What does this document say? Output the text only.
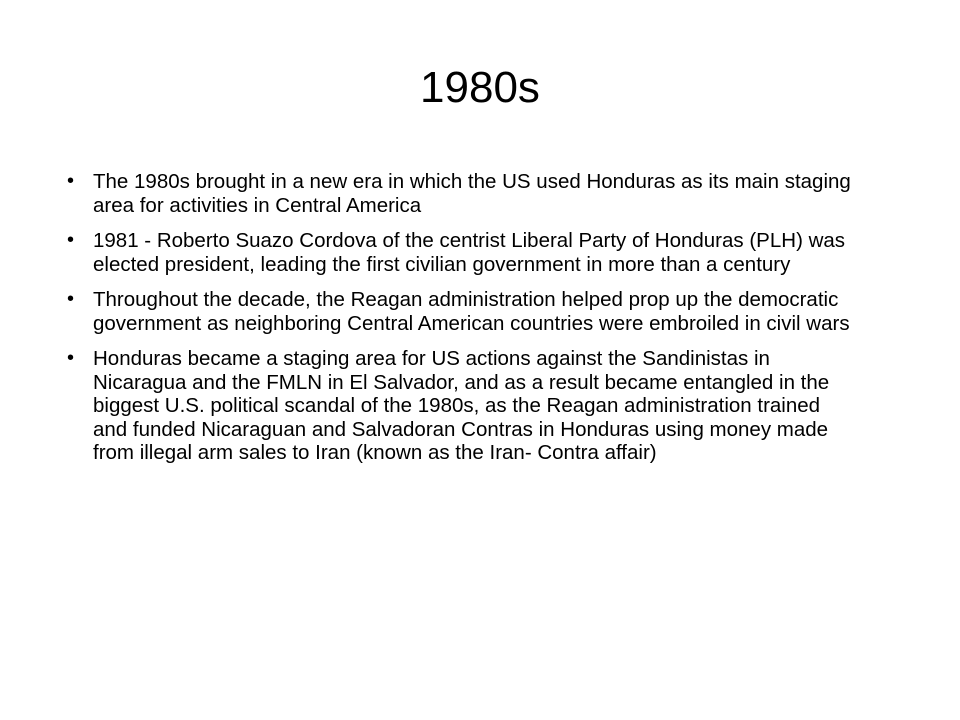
1980s
• The 1980s brought in a new era in which the US used Honduras as its main staging area for activities in Central America
• 1981 - Roberto Suazo Cordova of the centrist Liberal Party of Honduras (PLH) was elected president, leading the first civilian government in more than a century
• Throughout the decade, the Reagan administration helped prop up the democratic government as neighboring Central American countries were embroiled in civil wars
• Honduras became a staging area for US actions against the Sandinistas in Nicaragua and the FMLN in El Salvador, and as a result became entangled in the biggest U.S. political scandal of the 1980s, as the Reagan administration trained and funded Nicaraguan and Salvadoran Contras in Honduras using money made from illegal arm sales to Iran (known as the Iran- Contra affair)
